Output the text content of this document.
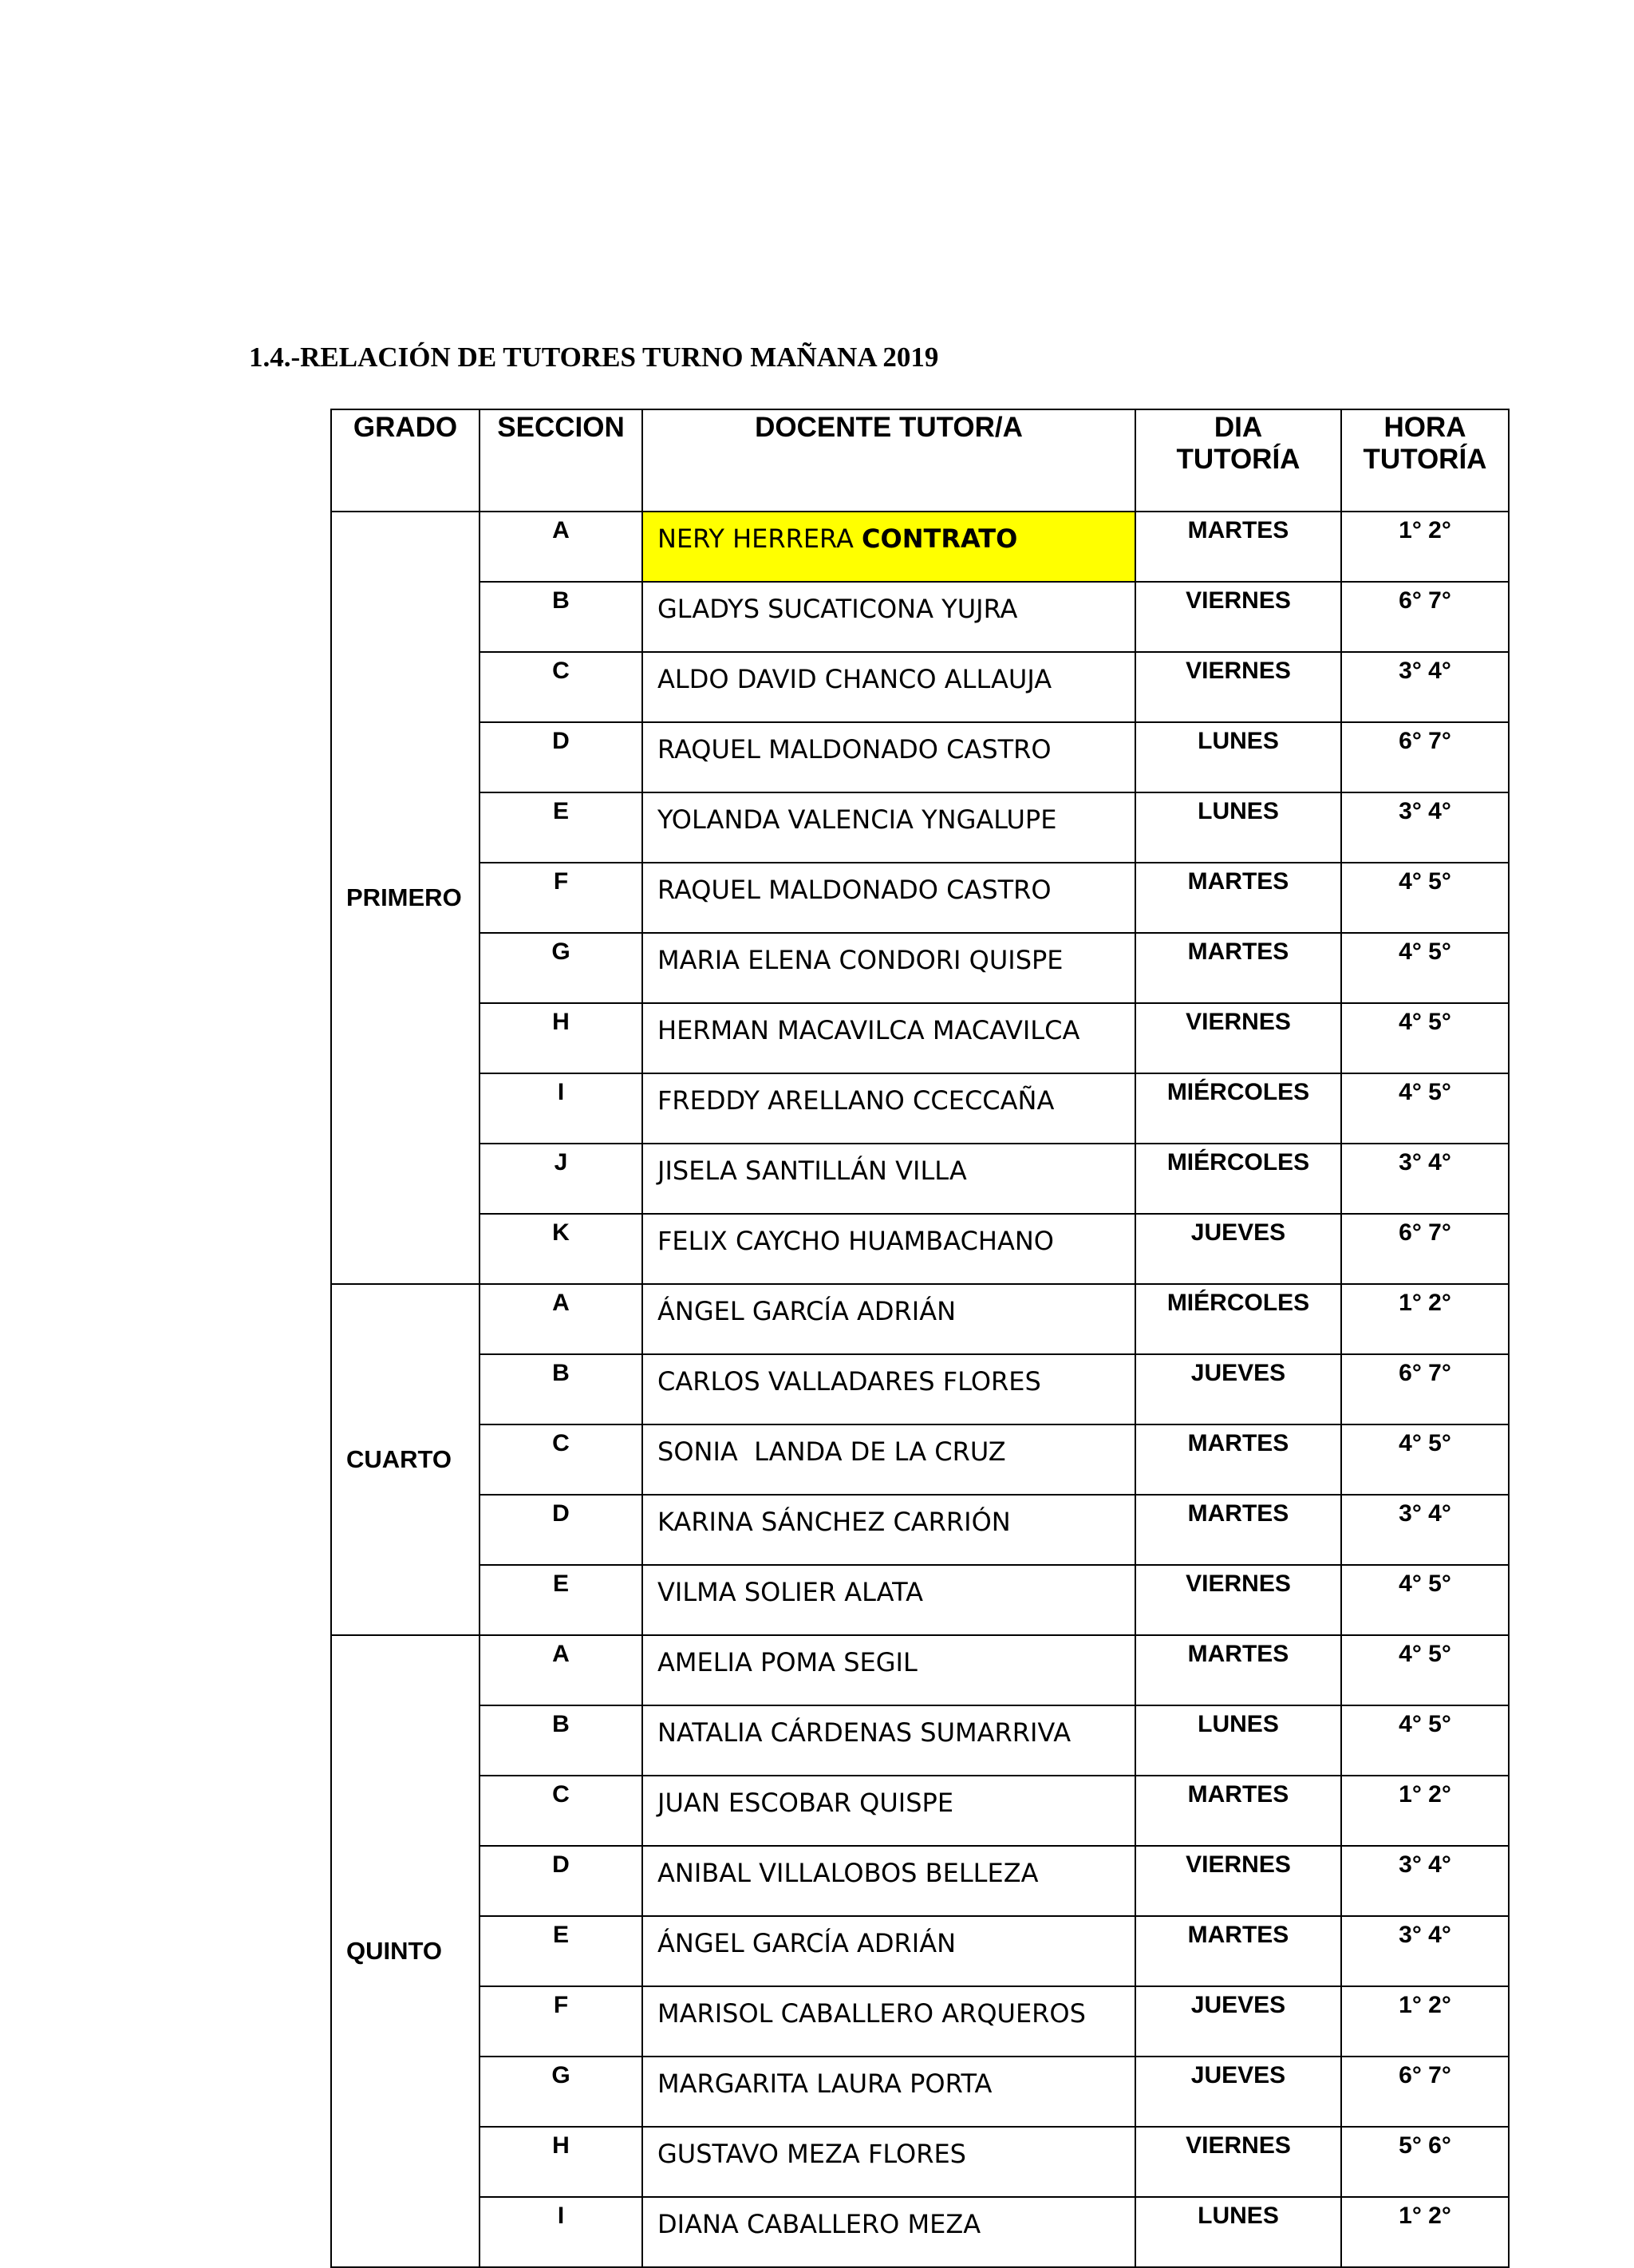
1.4.-RELACIÓN DE TUTORES TURNO MAÑANA 2019
GRADO	SECCION	DOCENTE TUTOR/A	DIA TUTORÍA	HORA TUTORÍA
PRIMERO	A	NERY HERRERA CONTRATO	MARTES	1° 2°
	B	GLADYS SUCATICONA YUJRA	VIERNES	6° 7°
	C	ALDO DAVID CHANCO ALLAUJA	VIERNES	3° 4°
	D	RAQUEL MALDONADO CASTRO	LUNES	6° 7°
	E	YOLANDA VALENCIA YNGALUPE	LUNES	3° 4°
	F	RAQUEL MALDONADO CASTRO	MARTES	4° 5°
	G	MARIA ELENA CONDORI QUISPE	MARTES	4° 5°
	H	HERMAN MACAVILCA MACAVILCA	VIERNES	4° 5°
	I	FREDDY ARELLANO CCECCAÑA	MIÉRCOLES	4° 5°
	J	JISELA SANTILLÁN VILLA	MIÉRCOLES	3° 4°
	K	FELIX CAYCHO HUAMBACHANO	JUEVES	6° 7°
CUARTO	A	ÁNGEL GARCÍA ADRIÁN	MIÉRCOLES	1° 2°
	B	CARLOS VALLADARES FLORES	JUEVES	6° 7°
	C	SONIA  LANDA DE LA CRUZ	MARTES	4° 5°
	D	KARINA SÁNCHEZ CARRIÓN	MARTES	3° 4°
	E	VILMA SOLIER ALATA	VIERNES	4° 5°
QUINTO	A	AMELIA POMA SEGIL	MARTES	4° 5°
	B	NATALIA CÁRDENAS SUMARRIVA	LUNES	4° 5°
	C	JUAN ESCOBAR QUISPE	MARTES	1° 2°
	D	ANIBAL VILLALOBOS BELLEZA	VIERNES	3° 4°
	E	ÁNGEL GARCÍA ADRIÁN	MARTES	3° 4°
	F	MARISOL CABALLERO ARQUEROS	JUEVES	1° 2°
	G	MARGARITA LAURA PORTA	JUEVES	6° 7°
	H	GUSTAVO MEZA FLORES	VIERNES	5° 6°
	I	DIANA CABALLERO MEZA	LUNES	1° 2°
